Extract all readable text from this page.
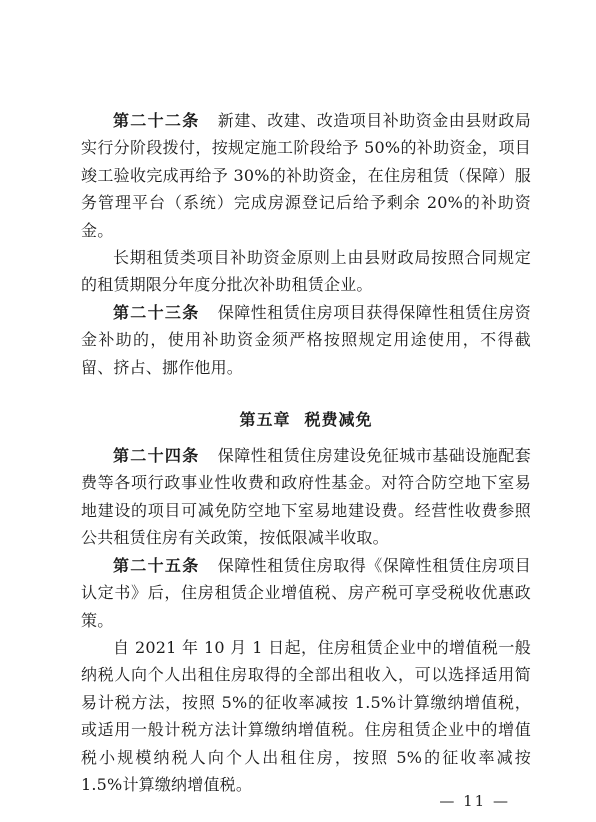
第二十二条 新建、改建、改造项目补助资金由县财政局实行分阶段拨付，按规定施工阶段给予 50%的补助资金，项目竣工验收完成再给予 30%的补助资金，在住房租赁（保障）服务管理平台（系统）完成房源登记后给予剩余 20%的补助资金。

长期租赁类项目补助资金原则上由县财政局按照合同规定的租赁期限分年度分批次补助租赁企业。

第二十三条 保障性租赁住房项目获得保障性租赁住房资金补助的，使用补助资金须严格按照规定用途使用，不得截留、挤占、挪作他用。

第五章 税费减免

第二十四条 保障性租赁住房建设免征城市基础设施配套费等各项行政事业性收费和政府性基金。对符合防空地下室易地建设的项目可减免防空地下室易地建设费。经营性收费参照公共租赁住房有关政策，按低限减半收取。

第二十五条 保障性租赁住房取得《保障性租赁住房项目认定书》后，住房租赁企业增值税、房产税可享受税收优惠政策。

自 2021 年 10 月 1 日起，住房租赁企业中的增值税一般纳税人向个人出租住房取得的全部出租收入，可以选择适用简易计税方法，按照 5%的征收率减按 1.5%计算缴纳增值税，或适用一般计税方法计算缴纳增值税。住房租赁企业中的增值税小规模纳税人向个人出租住房，按照 5%的征收率减按 1.5%计算缴纳增值税。

— 11 —
